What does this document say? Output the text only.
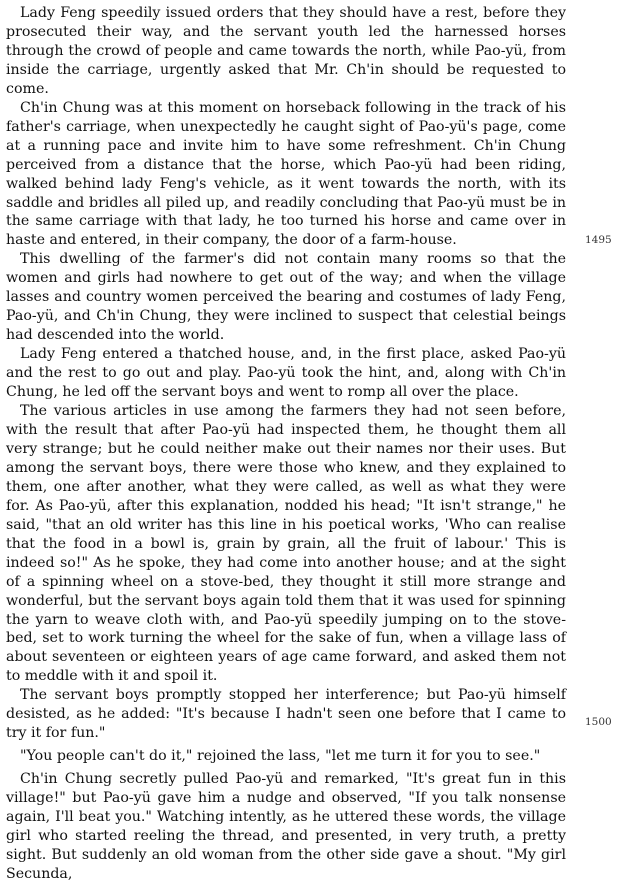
Lady Feng speedily issued orders that they should have a rest, before they prosecuted their way, and the servant youth led the harnessed horses through the crowd of people and came towards the north, while Pao-yü, from inside the carriage, urgently asked that Mr. Ch'in should be requested to come.

Ch'in Chung was at this moment on horseback following in the track of his father's carriage, when unexpectedly he caught sight of Pao-yü's page, come at a running pace and invite him to have some refreshment. Ch'in Chung perceived from a distance that the horse, which Pao-yü had been riding, walked behind lady Feng's vehicle, as it went towards the north, with its saddle and bridles all piled up, and readily concluding that Pao-yü must be in the same carriage with that lady, he too turned his horse and came over in haste and entered, in their company, the door of a farm-house.

This dwelling of the farmer's did not contain many rooms so that the women and girls had nowhere to get out of the way; and when the village lasses and country women perceived the bearing and costumes of lady Feng, Pao-yü, and Ch'in Chung, they were inclined to suspect that celestial beings had descended into the world.

Lady Feng entered a thatched house, and, in the first place, asked Pao-yü and the rest to go out and play. Pao-yü took the hint, and, along with Ch'in Chung, he led off the servant boys and went to romp all over the place.

The various articles in use among the farmers they had not seen before, with the result that after Pao-yü had inspected them, he thought them all very strange; but he could neither make out their names nor their uses. But among the servant boys, there were those who knew, and they explained to them, one after another, what they were called, as well as what they were for. As Pao-yü, after this explanation, nodded his head; "It isn't strange," he said, "that an old writer has this line in his poetical works, 'Who can realise that the food in a bowl is, grain by grain, all the fruit of labour.' This is indeed so!" As he spoke, they had come into another house; and at the sight of a spinning wheel on a stove-bed, they thought it still more strange and wonderful, but the servant boys again told them that it was used for spinning the yarn to weave cloth with, and Pao-yü speedily jumping on to the stove-bed, set to work turning the wheel for the sake of fun, when a village lass of about seventeen or eighteen years of age came forward, and asked them not to meddle with it and spoil it.

The servant boys promptly stopped her interference; but Pao-yü himself desisted, as he added: "It's because I hadn't seen one before that I came to try it for fun."

"You people can't do it," rejoined the lass, "let me turn it for you to see."

Ch'in Chung secretly pulled Pao-yü and remarked, "It's great fun in this village!" but Pao-yü gave him a nudge and observed, "If you talk nonsense again, I'll beat you." Watching intently, as he uttered these words, the village girl who started reeling the thread, and presented, in very truth, a pretty sight. But suddenly an old woman from the other side gave a shout. "My girl Secunda,

1495
1500
